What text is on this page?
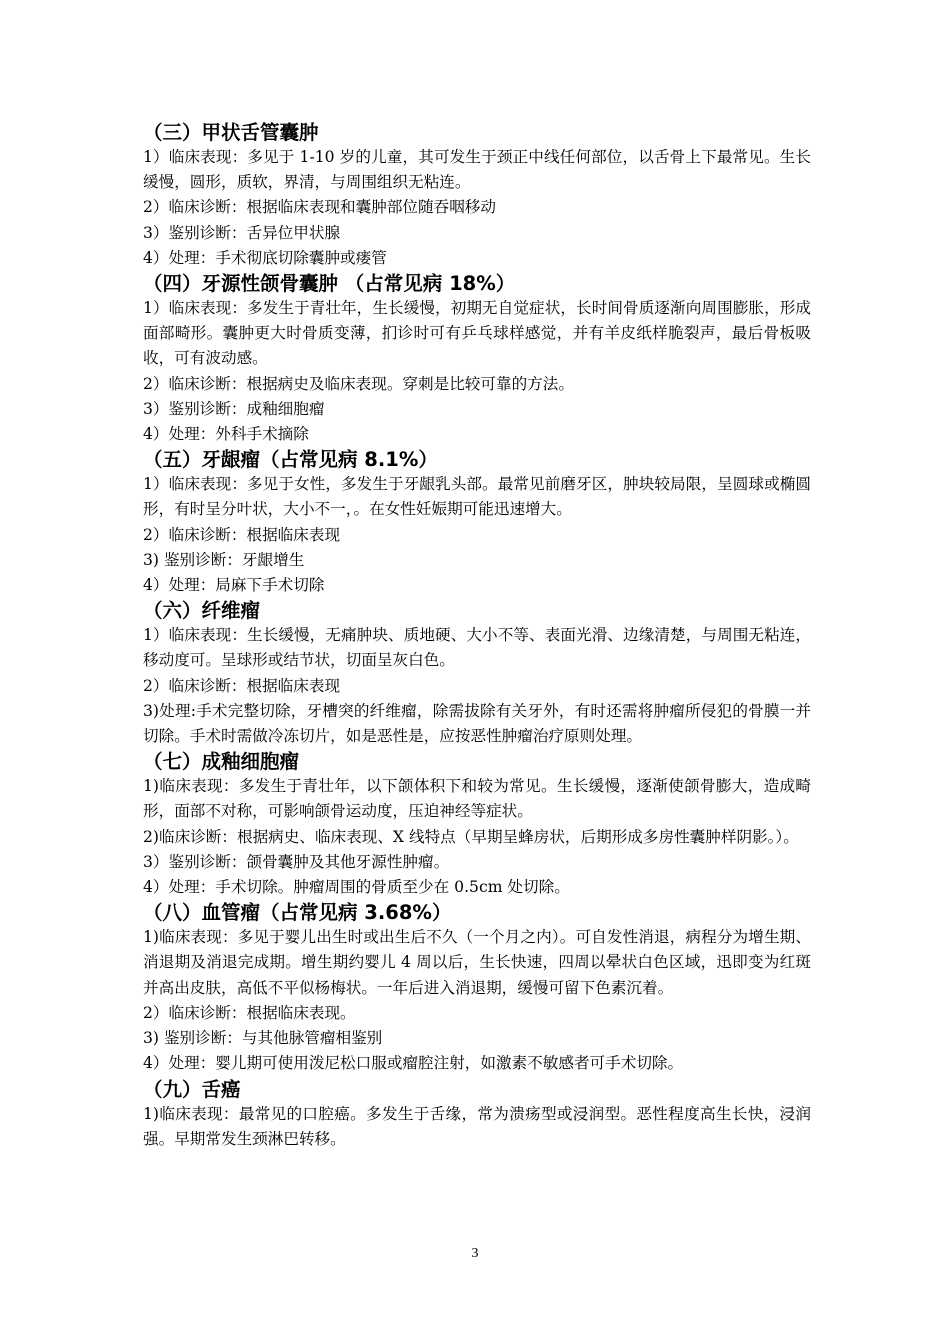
（三）甲状舌管囊肿

1）临床表现：多见于 1-10 岁的儿童，其可发生于颈正中线任何部位，以舌骨上下最常见。生长缓慢，圆形，质软，界清，与周围组织无粘连。

2）临床诊断：根据临床表现和囊肿部位随吞咽移动

3）鉴别诊断：舌异位甲状腺

4）处理：手术彻底切除囊肿或瘘管

（四）牙源性颌骨囊肿 （占常见病 18%）

1）临床表现：多发生于青壮年，生长缓慢，初期无自觉症状，长时间骨质逐渐向周围膨胀，形成面部畸形。囊肿更大时骨质变薄，扪诊时可有乒乓球样感觉，并有羊皮纸样脆裂声，最后骨板吸收，可有波动感。

2）临床诊断：根据病史及临床表现。穿刺是比较可靠的方法。

3）鉴别诊断：成釉细胞瘤

4）处理：外科手术摘除

（五）牙龈瘤（占常见病 8.1%）

1）临床表现：多见于女性，多发生于牙龈乳头部。最常见前磨牙区，肿块较局限，呈圆球或椭圆形，有时呈分叶状，大小不一，。在女性妊娠期可能迅速增大。

2）临床诊断：根据临床表现

3) 鉴别诊断：牙龈增生

4）处理：局麻下手术切除

（六）纤维瘤

1）临床表现：生长缓慢，无痛肿块、质地硬、大小不等、表面光滑、边缘清楚，与周围无粘连，移动度可。呈球形或结节状，切面呈灰白色。

2）临床诊断：根据临床表现

3)处理:手术完整切除，牙槽突的纤维瘤，除需拔除有关牙外，有时还需将肿瘤所侵犯的骨膜一并切除。手术时需做冷冻切片，如是恶性是，应按恶性肿瘤治疗原则处理。

（七）成釉细胞瘤

1)临床表现：多发生于青壮年，以下颌体积下和较为常见。生长缓慢，逐渐使颌骨膨大，造成畸形，面部不对称，可影响颌骨运动度，压迫神经等症状。

2)临床诊断：根据病史、临床表现、X 线特点（早期呈蜂房状，后期形成多房性囊肿样阴影。）。

3）鉴别诊断：颌骨囊肿及其他牙源性肿瘤。

4）处理：手术切除。肿瘤周围的骨质至少在 0.5cm 处切除。

（八）血管瘤（占常见病 3.68%）

1)临床表现：多见于婴儿出生时或出生后不久（一个月之内）。可自发性消退，病程分为增生期、消退期及消退完成期。增生期约婴儿 4 周以后，生长快速，四周以晕状白色区域，迅即变为红斑并高出皮肤，高低不平似杨梅状。一年后进入消退期，缓慢可留下色素沉着。

2）临床诊断：根据临床表现。

3) 鉴别诊断：与其他脉管瘤相鉴别

4）处理：婴儿期可使用泼尼松口服或瘤腔注射，如激素不敏感者可手术切除。

（九）舌癌

1)临床表现：最常见的口腔癌。多发生于舌缘，常为溃疡型或浸润型。恶性程度高生长快，浸润强。早期常发生颈淋巴转移。

3
